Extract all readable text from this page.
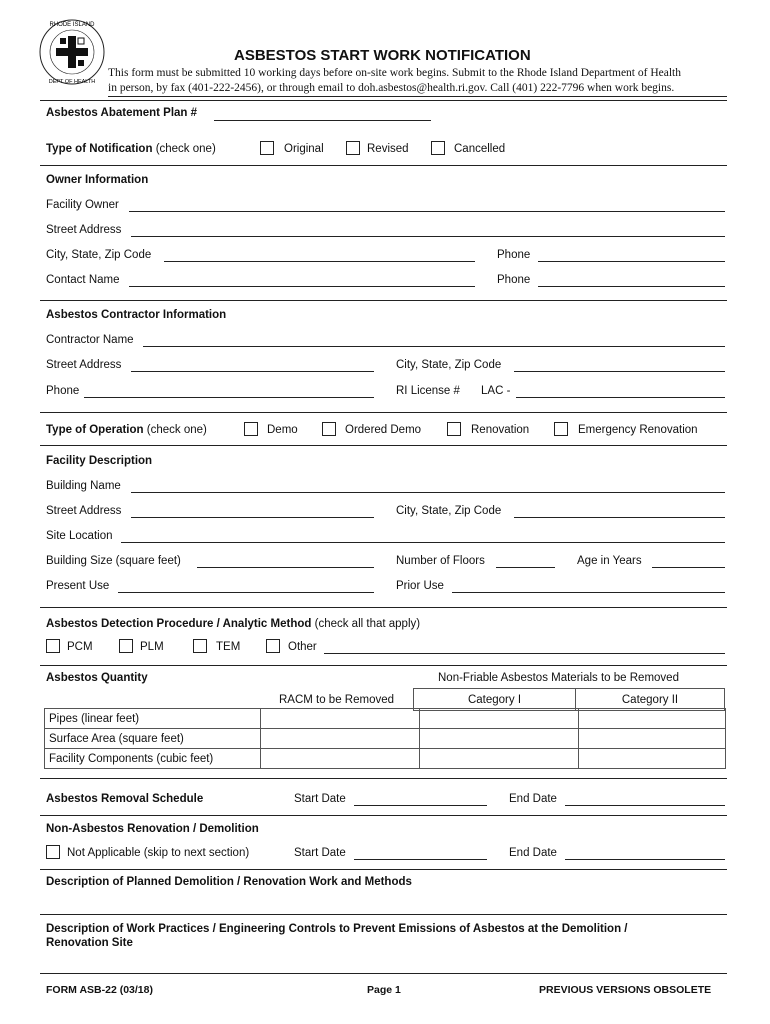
RHODE ISLAND
DEPT OF HEALTH
ASBESTOS START WORK NOTIFICATION
This form must be submitted 10 working days before on-site work begins. Submit to the Rhode Island Department of Health
in person, by fax (401-222-2456), or through email to doh.asbestos@health.ri.gov. Call (401) 222-7796 when work begins.
Asbestos Abatement Plan #
Type of Notification (check one)	Original	Revised	Cancelled
Owner Information
Facility Owner
Street Address
City, State, Zip Code	Phone
Contact Name	Phone
Asbestos Contractor Information
Contractor Name
Street Address	City, State, Zip Code
Phone	RI License # LAC -
Type of Operation (check one)	Demo	Ordered Demo	Renovation	Emergency Renovation
Facility Description
Building Name
Street Address	City, State, Zip Code
Site Location
Building Size (square feet)	Number of Floors	Age in Years
Present Use	Prior Use
Asbestos Detection Procedure / Analytic Method (check all that apply)
PCM	PLM	TEM	Other
Asbestos Quantity	Non-Friable Asbestos Materials to be Removed
RACM to be Removed	Category I	Category II
Pipes (linear feet)			
Surface Area (square feet)			
Facility Components (cubic feet)			
Asbestos Removal Schedule	Start Date	End Date
Non-Asbestos Renovation / Demolition
Not Applicable (skip to next section)	Start Date	End Date
Description of Planned Demolition / Renovation Work and Methods
Description of Work Practices / Engineering Controls to Prevent Emissions of Asbestos at the Demolition /
Renovation Site
FORM ASB-22 (03/18)	Page 1	PREVIOUS VERSIONS OBSOLETE
